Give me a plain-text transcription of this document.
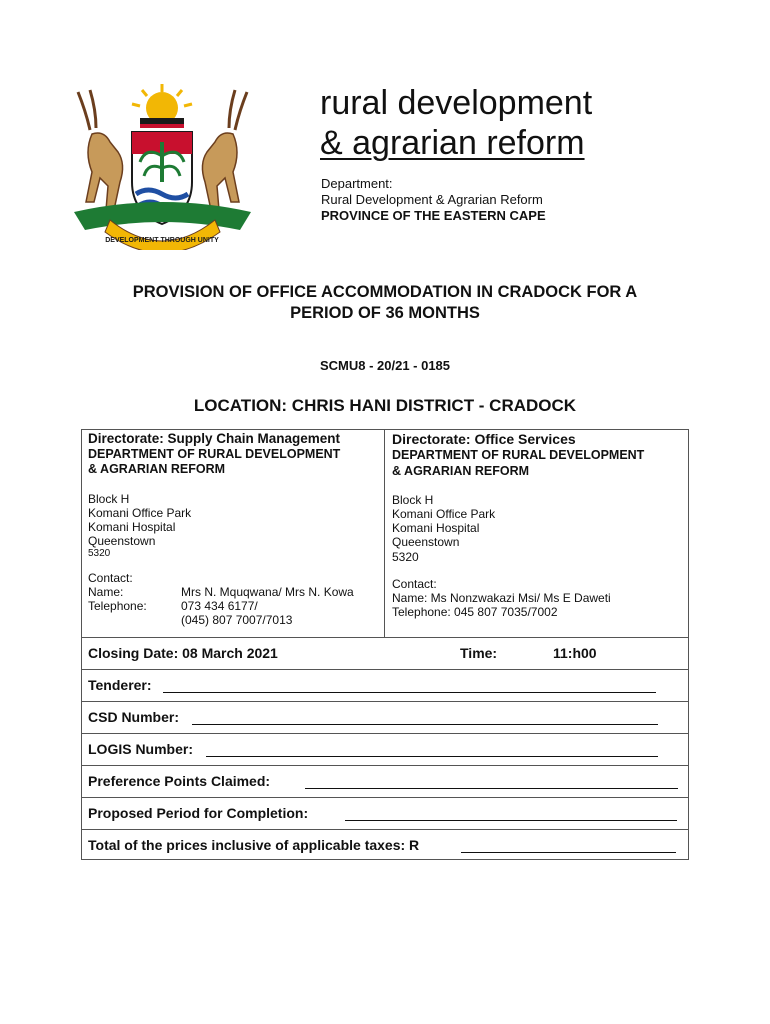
DEVELOPMENT THROUGH UNITY
rural development
& agrarian reform
Department:
Rural Development & Agrarian Reform
PROVINCE OF THE EASTERN CAPE
PROVISION OF OFFICE ACCOMMODATION IN CRADOCK FOR A
PERIOD OF 36 MONTHS
SCMU8 - 20/21 - 0185
LOCATION: CHRIS HANI DISTRICT - CRADOCK
Directorate: Supply Chain Management
DEPARTMENT OF RURAL DEVELOPMENT
& AGRARIAN REFORM
Block H
Komani Office Park
Komani Hospital
Queenstown
5320
Contact:
Name:	Mrs N. Mquqwana/ Mrs N. Kowa
Telephone:	073 434 6177/
(045) 807 7007/7013
Directorate: Office Services
DEPARTMENT OF RURAL DEVELOPMENT
& AGRARIAN REFORM
Block H
Komani Office Park
Komani Hospital
Queenstown
5320
Contact:
Name: Ms Nonzwakazi Msi/ Ms E Daweti
Telephone: 045 807 7035/7002
Closing Date: 08 March 2021	Time:	11:h00
Tenderer:
CSD Number:
LOGIS Number:
Preference Points Claimed:
Proposed Period for Completion:
Total of the prices inclusive of applicable taxes: R
